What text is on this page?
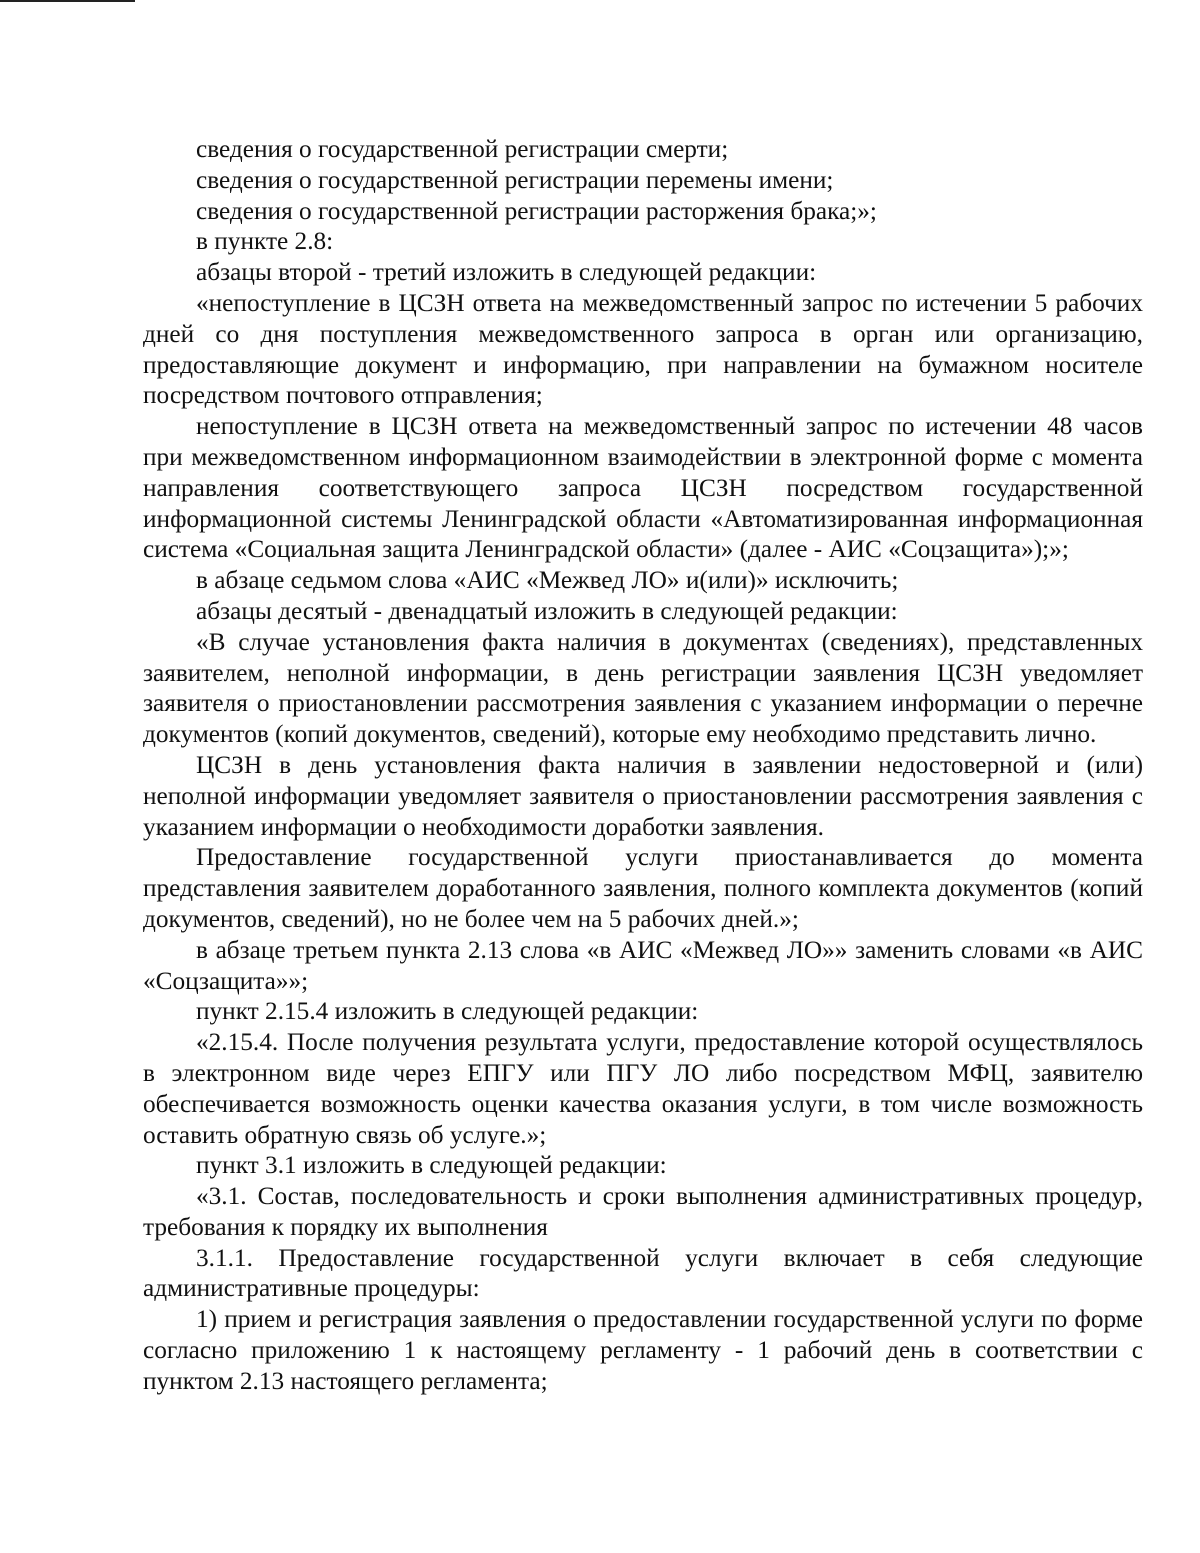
сведения о государственной регистрации смерти;

сведения о государственной регистрации перемены имени;

сведения о государственной регистрации расторжения брака;»;

в пункте 2.8:

абзацы второй - третий изложить в следующей редакции:

«непоступление в ЦСЗН ответа на межведомственный запрос по истечении 5 рабочих дней со дня поступления межведомственного запроса в орган или организацию, предоставляющие документ и информацию, при направлении на бумажном носителе посредством почтового отправления;

непоступление в ЦСЗН ответа на межведомственный запрос по истечении 48 часов при межведомственном информационном взаимодействии в электронной форме с момента направления соответствующего запроса ЦСЗН посредством государственной информационной системы Ленинградской области «Автоматизированная информационная система «Социальная защита Ленинградской области» (далее - АИС «Соцзащита»);»;

в абзаце седьмом слова «АИС «Межвед ЛО» и(или)» исключить;

абзацы десятый - двенадцатый изложить в следующей редакции:

«В случае установления факта наличия в документах (сведениях), представленных заявителем, неполной информации, в день регистрации заявления ЦСЗН уведомляет заявителя о приостановлении рассмотрения заявления с указанием информации о перечне документов (копий документов, сведений), которые ему необходимо представить лично.

ЦСЗН в день установления факта наличия в заявлении недостоверной и (или) неполной информации уведомляет заявителя о приостановлении рассмотрения заявления с указанием информации о необходимости доработки заявления.

Предоставление государственной услуги приостанавливается до момента представления заявителем доработанного заявления, полного комплекта документов (копий документов, сведений), но не более чем на 5 рабочих дней.»;

в абзаце третьем пункта 2.13 слова «в АИС «Межвед ЛО»» заменить словами «в АИС «Соцзащита»»;

пункт 2.15.4 изложить в следующей редакции:

«2.15.4. После получения результата услуги, предоставление которой осуществлялось в электронном виде через ЕПГУ или ПГУ ЛО либо посредством МФЦ, заявителю обеспечивается возможность оценки качества оказания услуги, в том числе возможность оставить обратную связь об услуге.»;

пункт 3.1 изложить в следующей редакции:

«3.1. Состав, последовательность и сроки выполнения административных процедур, требования к порядку их выполнения

3.1.1. Предоставление государственной услуги включает в себя следующие административные процедуры:

1) прием и регистрация заявления о предоставлении государственной услуги по форме согласно приложению 1 к настоящему регламенту - 1 рабочий день в соответствии с пунктом 2.13 настоящего регламента;
